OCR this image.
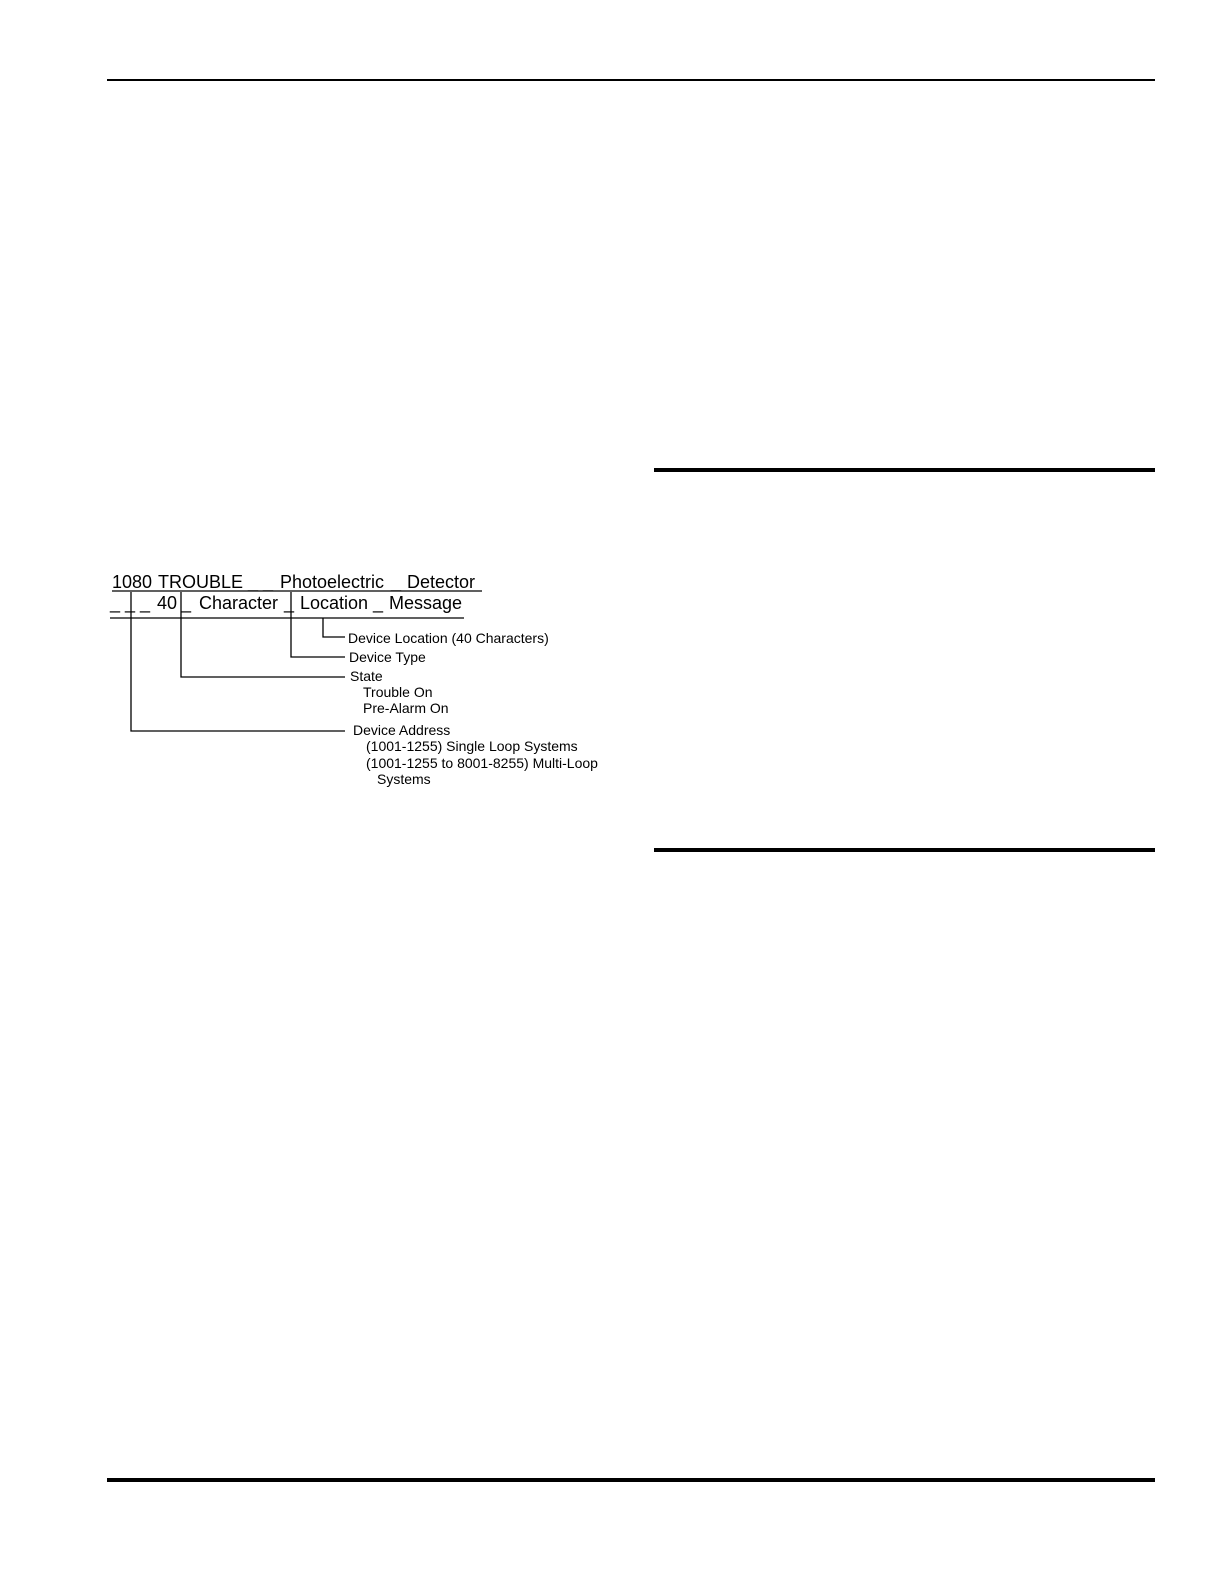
1080 TROUBLE _ _ Photoelectric _ Detector
_ _ _ 40 _ Character _ Location _ Message
Device Location (40 Characters)
Device Type
State
Trouble On
Pre-Alarm On
Device Address
(1001-1255) Single Loop Systems
(1001-1255 to 8001-8255) Multi-Loop
Systems
